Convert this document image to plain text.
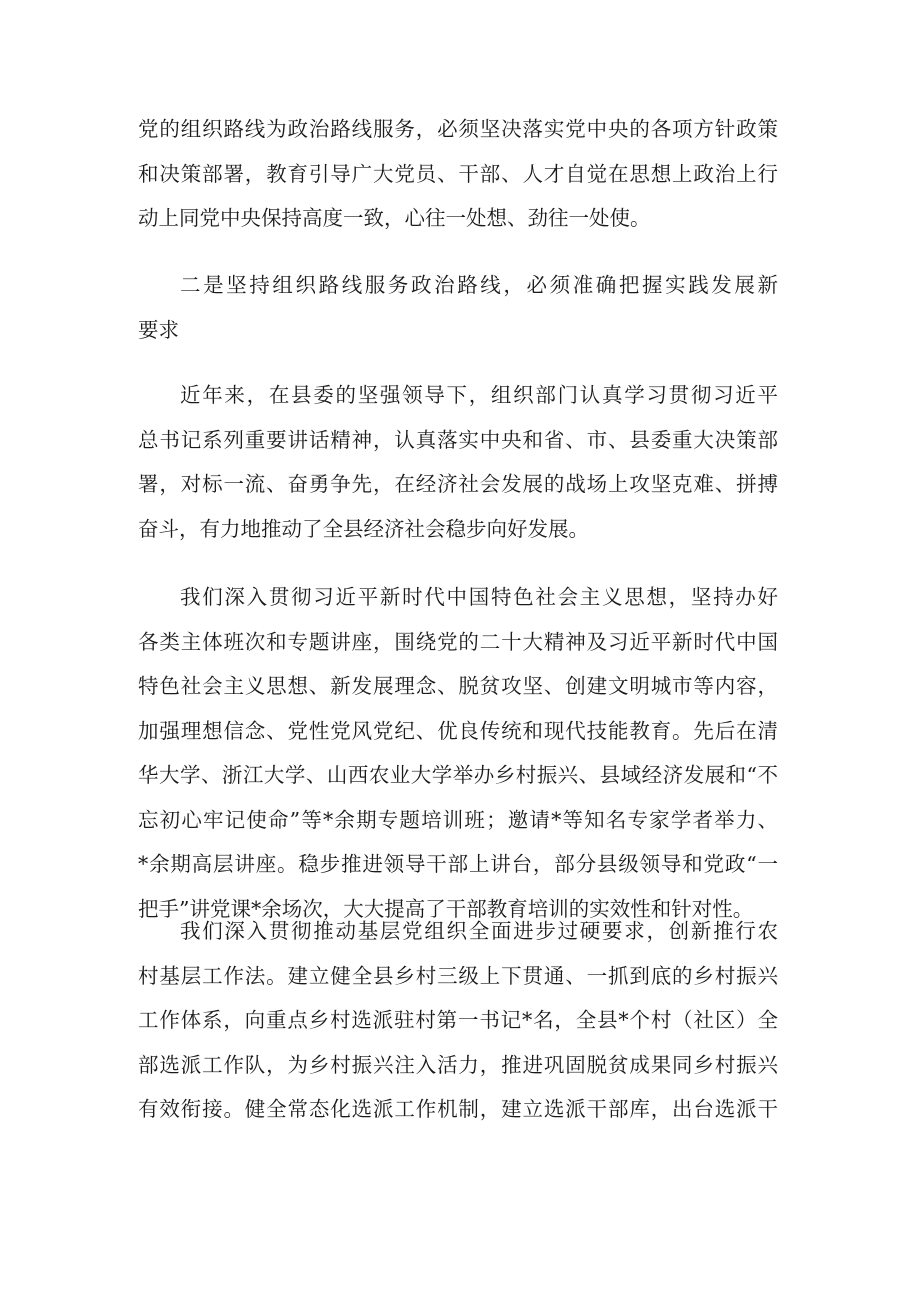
党的组织路线为政治路线服务，必须坚决落实党中央的各项方针政策
和决策部署，教育引导广大党员、干部、人才自觉在思想上政治上行
动上同党中央保持高度一致，心往一处想、劲往一处使。
二是坚持组织路线服务政治路线，必须准确把握实践发展新
要求
近年来，在县委的坚强领导下，组织部门认真学习贯彻习近平
总书记系列重要讲话精神，认真落实中央和省、市、县委重大决策部
署，对标一流、奋勇争先，在经济社会发展的战场上攻坚克难、拼搏
奋斗，有力地推动了全县经济社会稳步向好发展。
我们深入贯彻习近平新时代中国特色社会主义思想，坚持办好
各类主体班次和专题讲座，围绕党的二十大精神及习近平新时代中国
特色社会主义思想、新发展理念、脱贫攻坚、创建文明城市等内容，
加强理想信念、党性党风党纪、优良传统和现代技能教育。先后在清
华大学、浙江大学、山西农业大学举办乡村振兴、县域经济发展和“不
忘初心牢记使命”等*余期专题培训班；邀请*等知名专家学者举力、
*余期高层讲座。稳步推进领导干部上讲台，部分县级领导和党政“一
把手”讲党课*余场次，大大提高了干部教育培训的实效性和针对性。
我们深入贯彻推动基层党组织全面进步过硬要求，创新推行农
村基层工作法。建立健全县乡村三级上下贯通、一抓到底的乡村振兴
工作体系，向重点乡村选派驻村第一书记*名，全县*个村（社区）全
部选派工作队，为乡村振兴注入活力，推进巩固脱贫成果同乡村振兴
有效衔接。健全常态化选派工作机制，建立选派干部库，出台选派干
